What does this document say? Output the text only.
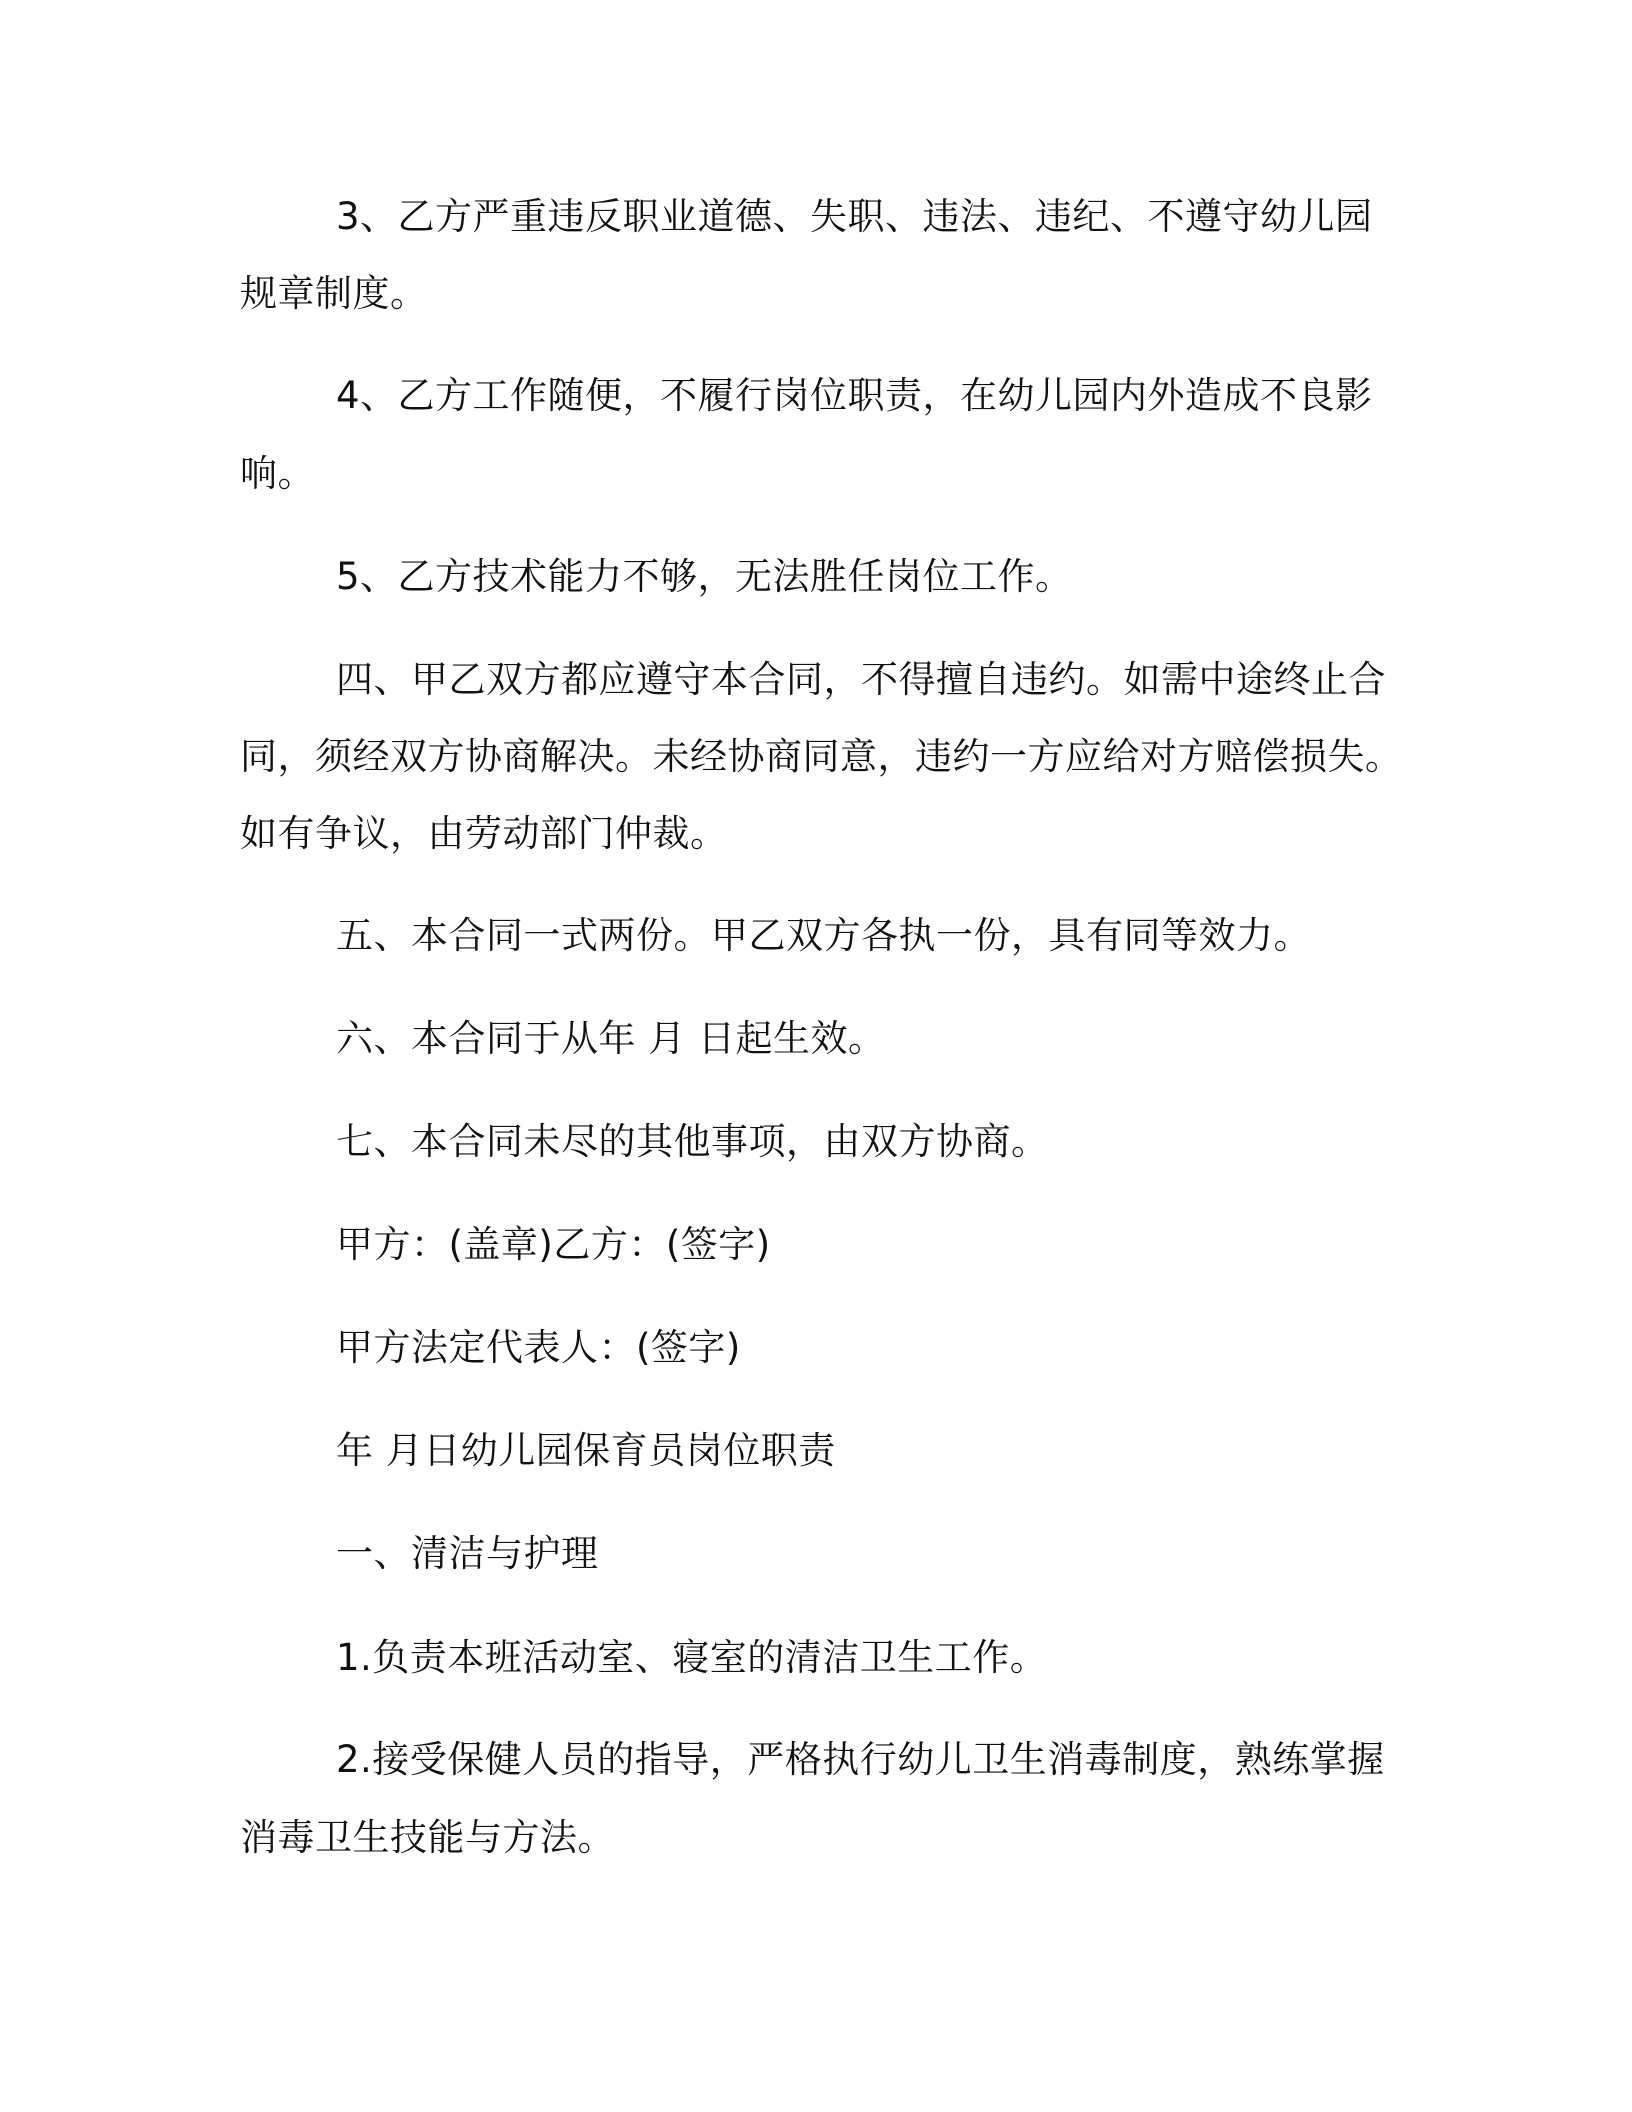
3、乙方严重违反职业道德、失职、违法、违纪、不遵守幼儿园

规章制度。

4、乙方工作随便，不履行岗位职责，在幼儿园内外造成不良影

响。

5、乙方技术能力不够，无法胜任岗位工作。

四、甲乙双方都应遵守本合同，不得擅自违约。如需中途终止合

同，须经双方协商解决。未经协商同意，违约一方应给对方赔偿损失。

如有争议，由劳动部门仲裁。

五、本合同一式两份。甲乙双方各执一份，具有同等效力。

六、本合同于从年 月 日起生效。

七、本合同未尽的其他事项，由双方协商。

甲方：(盖章)乙方：(签字)

甲方法定代表人：(签字)

年 月日幼儿园保育员岗位职责

一、清洁与护理

1.负责本班活动室、寝室的清洁卫生工作。

2.接受保健人员的指导，严格执行幼儿卫生消毒制度，熟练掌握

消毒卫生技能与方法。
